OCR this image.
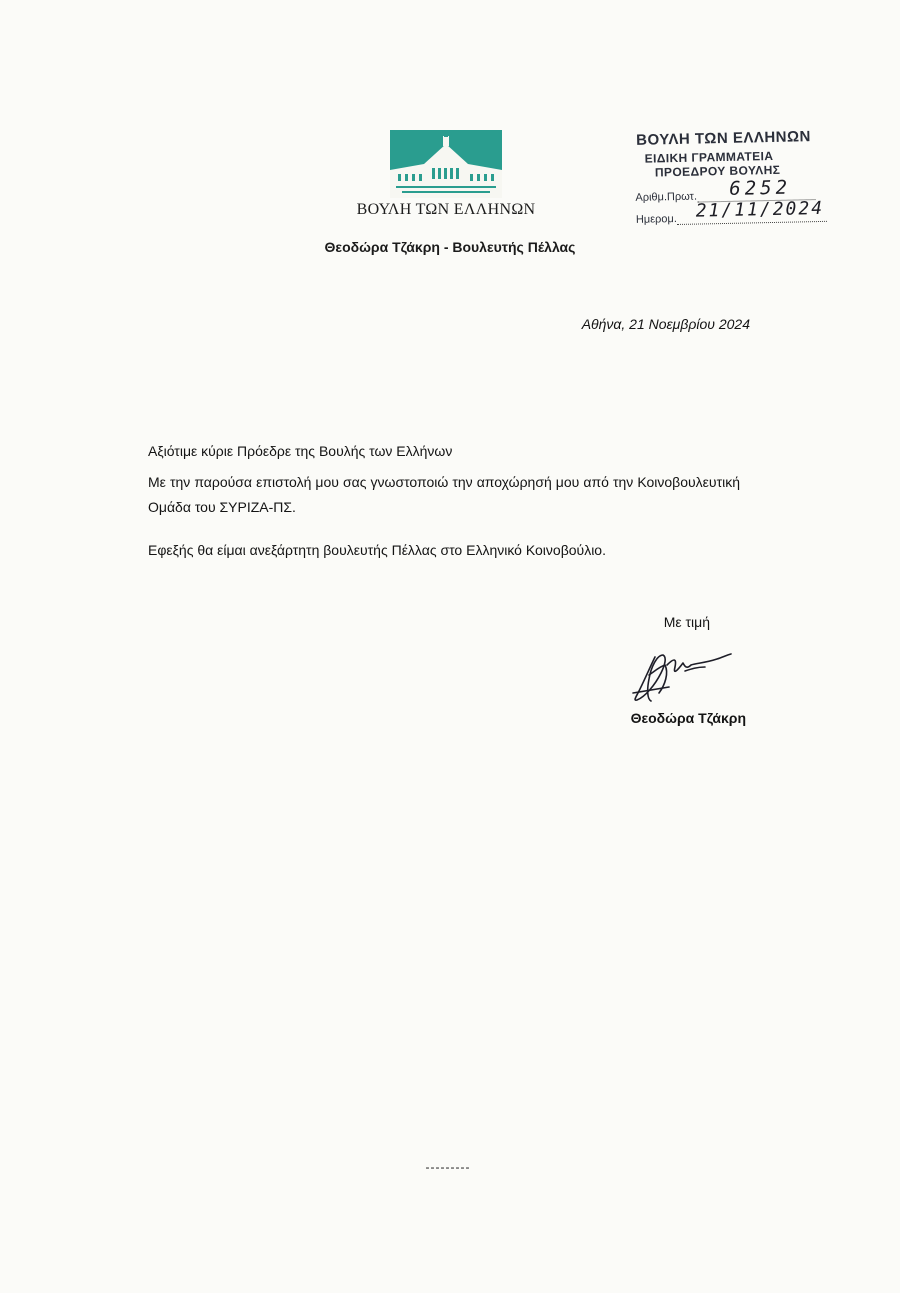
ΒΟΥΛΗ ΤΩΝ ΕΛΛΗΝΩΝ
Θεοδώρα Τζάκρη - Βουλευτής Πέλλας
ΒΟΥΛΗ ΤΩΝ ΕΛΛΗΝΩΝ
ΕΙΔΙΚΗ ΓΡΑΜΜΑΤΕΙΑ
ΠΡΟΕΔΡΟΥ ΒΟΥΛΗΣ
Αριθμ.Πρωτ.
Ημερομ.
6252
21/11/2024
Αθήνα, 21 Νοεμβρίου 2024
Αξιότιμε κύριε Πρόεδρε της Βουλής των Ελλήνων
Με την παρούσα επιστολή μου σας γνωστοποιώ την αποχώρησή μου από την Κοινοβουλευτική Ομάδα του ΣΥΡΙΖΑ-ΠΣ.
Εφεξής θα είμαι ανεξάρτητη βουλευτής Πέλλας στο Ελληνικό Κοινοβούλιο.
Με τιμή
Θεοδώρα Τζάκρη
---------
